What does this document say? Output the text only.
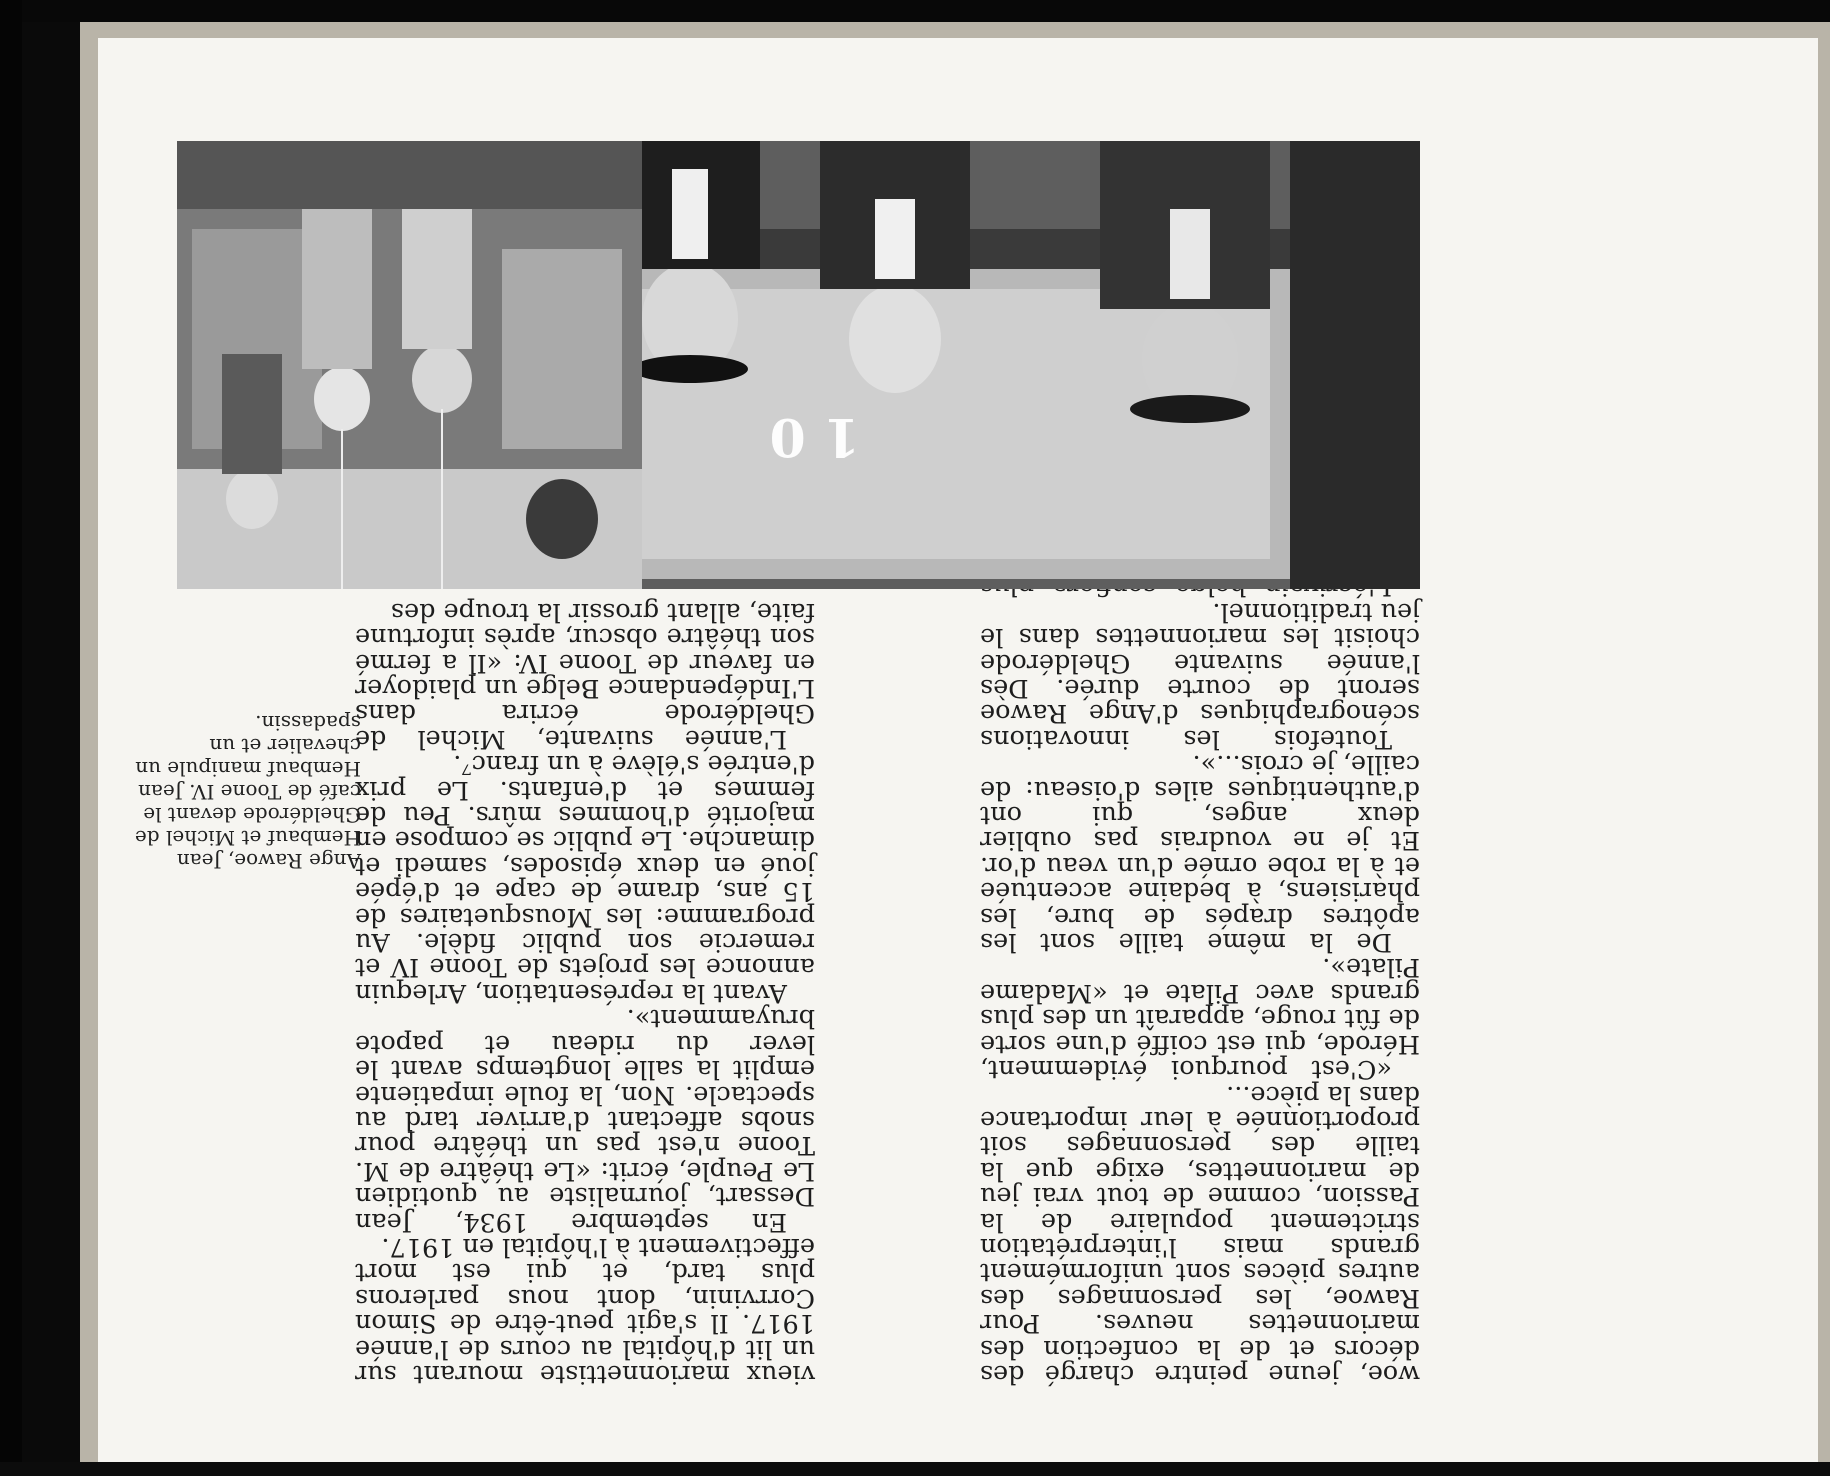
woe, jeune peintre chargé des décors et de la confection des marionnettes neuves. Pour Rawoe, les personnages des autres pièces sont uniformément grands mais l'interprétation strictement populaire de la Passion, comme de tout vrai jeu de marionnettes, exige que la taille des personnages soit proportionnée à leur importance dans la pièce...

«C'est pourquoi évidemment, Hérode, qui est coiffé d'une sorte de fût rouge, apparaît un des plus grands avec Pilate et «Madame Pilate».

De la même taille sont les apôtres drapés de bure, les pharisiens, à bedaine accentuée et à la robe ornée d'un veau d'or. Et je ne voudrais pas oublier deux anges, qui ont d'authentiques ailes d'oiseau: de caille, je crois...».

Toutefois les innovations scénographiques d'Ange Rawoe seront de courte durée. Dès l'année suivante Gheldérode choisit les marionnettes dans le jeu traditionnel.

vieux marionnettiste mourant sur un lit d'hôpital au cours de l'année 1917. Il s'agit peut-être de Simon Corrvinin, dont nous parlerons plus tard, et qui est mort effectivement à l'hôpital en 1917.

En septembre 1934, Jean Dessart, journaliste au quotidien Le Peuple, écrit: «Le théâtre de M. Toone n'est pas un théâtre pour snobs affectant d'arriver tard au spectacle. Non, la foule impatiente emplit la salle longtemps avant le lever du rideau et papote bruyamment».

Avant la représentation, Arlequin annonce les projets de Toone IV et remercie son public fidèle. Au programme: les Mousquetaires de 15 ans, drame de cape et d'épée joué en deux épisodes, samedi et dimanche. Le public se compose en majorité d'hommes mûrs. Peu de femmes et d'enfants. Le prix d'entrée s'élève à un franc⁷.

L'année suivante, Michel de Gheldérode écrira dans L'Indépendance Belge un plaidoyer en faveur de Toone IV: «Il a fermé son théâtre obscur, après infortune faite, allant grossir la troupe des

Ange Rawoe, Jean Hembauf et Michel de Gheldérode devant le café de Toone IV. Jean Hembauf manipule un chevalier et un spadassin.
1 0
